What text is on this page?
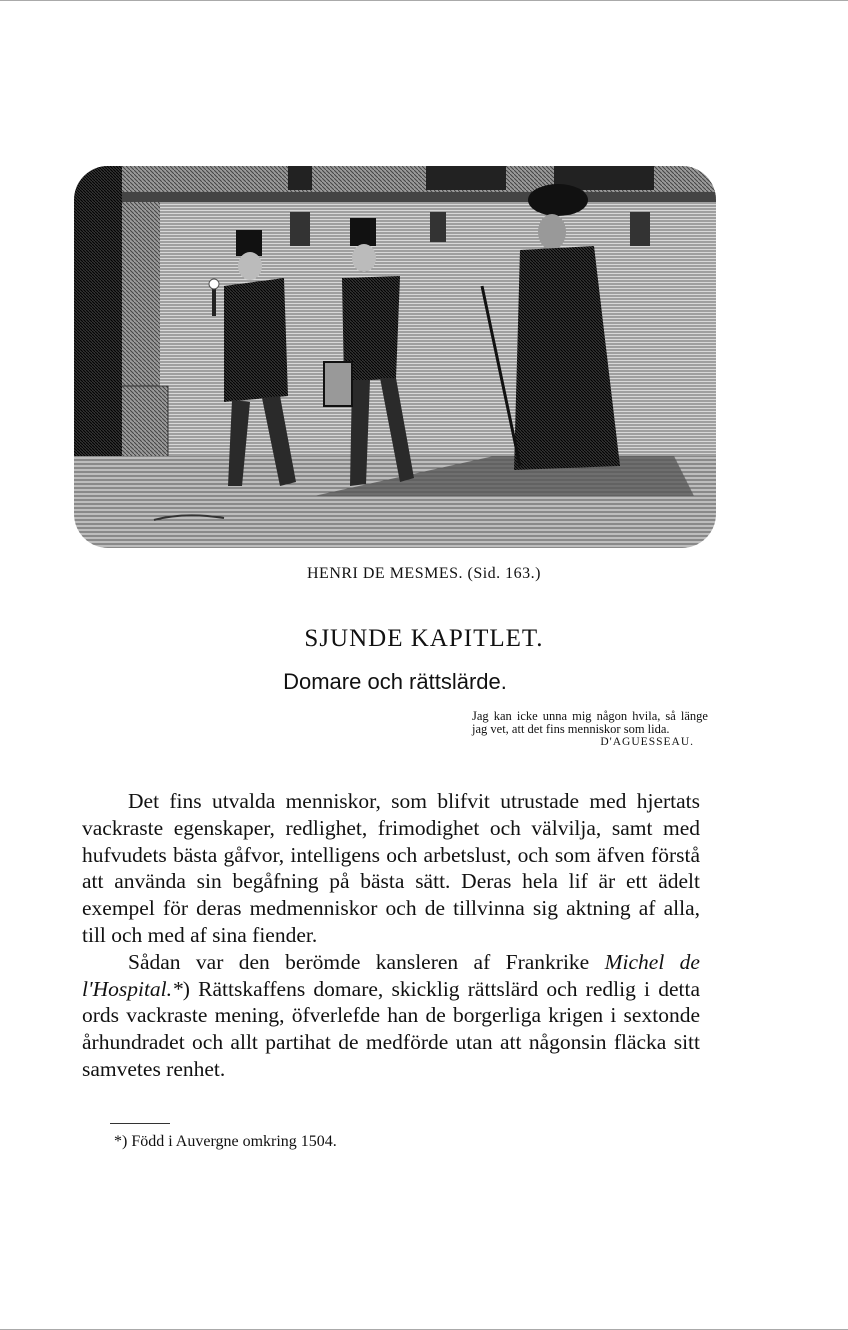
HENRI DE MESMES. (Sid. 163.)
SJUNDE KAPITLET.
Domare och rättslärde.
Jag kan icke unna mig någon hvila, så länge jag vet, att det fins menniskor som lida.
D'AGUESSEAU.

Det fins utvalda menniskor, som blifvit utrustade med hjertats vackraste egenskaper, redlighet, frimodighet och välvilja, samt med hufvudets bästa gåfvor, intelligens och arbetslust, och som äfven förstå att använda sin begåfning på bästa sätt. Deras hela lif är ett ädelt exempel för deras medmenniskor och de tillvinna sig aktning af alla, till och med af sina fiender.

Sådan var den berömde kansleren af Frankrike Michel de l'Hospital.*) Rättskaffens domare, skicklig rättslärd och redlig i detta ords vackraste mening, öfverlefde han de borgerliga krigen i sextonde århundradet och allt partihat de medförde utan att någonsin fläcka sitt samvetes renhet.

*) Född i Auvergne omkring 1504.
